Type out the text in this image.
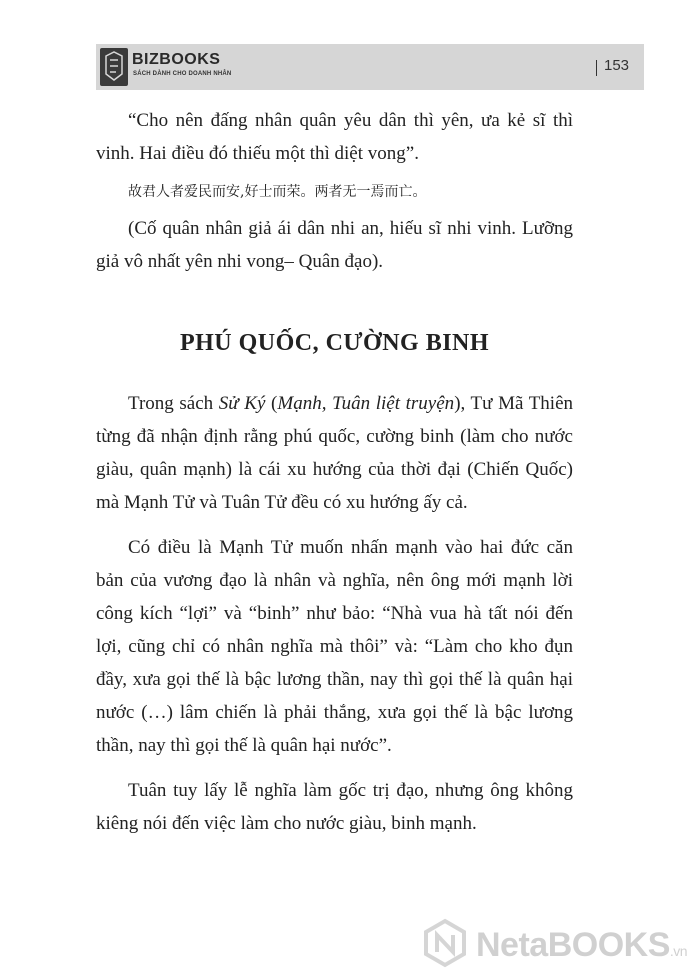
BIZBOOKS
SÁCH DÀNH CHO DOANH NHÂN	153

“Cho nên đấng nhân quân yêu dân thì yên, ưa kẻ sĩ thì vinh. Hai điều đó thiếu một thì diệt vong”.

故君人者爱民而安,好士而荣。两者无一焉而亡。

(Cố quân nhân giả ái dân nhi an, hiếu sĩ nhi vinh. Lưỡng giả vô nhất yên nhi vong– Quân đạo).

PHÚ QUỐC, CƯỜNG BINH

Trong sách Sử Ký (Mạnh, Tuân liệt truyện), Tư Mã Thiên từng đã nhận định rằng phú quốc, cường binh (làm cho nước giàu, quân mạnh) là cái xu hướng của thời đại (Chiến Quốc) mà Mạnh Tử và Tuân Tử đều có xu hướng ấy cả.

Có điều là Mạnh Tử muốn nhấn mạnh vào hai đức căn bản của vương đạo là nhân và nghĩa, nên ông mới mạnh lời công kích “lợi” và “binh” như bảo: “Nhà vua hà tất nói đến lợi, cũng chỉ có nhân nghĩa mà thôi” và: “Làm cho kho đụn đầy, xưa gọi thế là bậc lương thần, nay thì gọi thế là quân hại nước (…) lâm chiến là phải thắng, xưa gọi thế là bậc lương thần, nay thì gọi thế là quân hại nước”.

Tuân tuy lấy lễ nghĩa làm gốc trị đạo, nhưng ông không kiêng nói đến việc làm cho nước giàu, binh mạnh.

NetaBOOKS.vn
